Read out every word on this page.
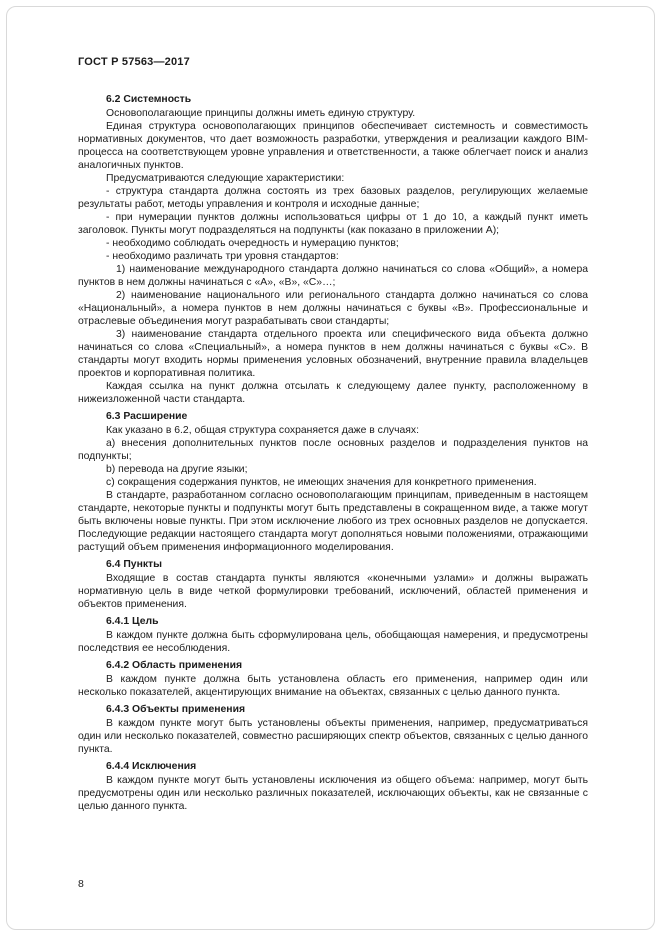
ГОСТ Р 57563—2017

6.2 Системность

Основополагающие принципы должны иметь единую структуру.

Единая структура основополагающих принципов обеспечивает системность и совместимость нормативных документов, что дает возможность разработки, утверждения и реализации каждого BIM-процесса на соответствующем уровне управления и ответственности, а также облегчает поиск и анализ аналогичных пунктов.

Предусматриваются следующие характеристики:

- структура стандарта должна состоять из трех базовых разделов, регулирующих желаемые результаты работ, методы управления и контроля и исходные данные;

- при нумерации пунктов должны использоваться цифры от 1 до 10, а каждый пункт иметь заголовок. Пункты могут подразделяться на подпункты (как показано в приложении А);

- необходимо соблюдать очередность и нумерацию пунктов;

- необходимо различать три уровня стандартов:

1) наименование международного стандарта должно начинаться со слова «Общий», а номера пунктов в нем должны начинаться с «А», «В», «С»…;

2) наименование национального или регионального стандарта должно начинаться со слова «Национальный», а номера пунктов в нем должны начинаться с буквы «В». Профессиональные и отраслевые объединения могут разрабатывать свои стандарты;

3) наименование стандарта отдельного проекта или специфического вида объекта должно начинаться со слова «Специальный», а номера пунктов в нем должны начинаться с буквы «С». В стандарты могут входить нормы применения условных обозначений, внутренние правила владельцев проектов и корпоративная политика.

Каждая ссылка на пункт должна отсылать к следующему далее пункту, расположенному в нижеизложенной части стандарта.

6.3 Расширение

Как указано в 6.2, общая структура сохраняется даже в случаях:

a) внесения дополнительных пунктов после основных разделов и подразделения пунктов на подпункты;

b) перевода на другие языки;

c) сокращения содержания пунктов, не имеющих значения для конкретного применения.

В стандарте, разработанном согласно основополагающим принципам, приведенным в настоящем стандарте, некоторые пункты и подпункты могут быть представлены в сокращенном виде, а также могут быть включены новые пункты. При этом исключение любого из трех основных разделов не допускается. Последующие редакции настоящего стандарта могут дополняться новыми положениями, отражающими растущий объем применения информационного моделирования.

6.4 Пункты

Входящие в состав стандарта пункты являются «конечными узлами» и должны выражать нормативную цель в виде четкой формулировки требований, исключений, областей применения и объектов применения.

6.4.1 Цель

В каждом пункте должна быть сформулирована цель, обобщающая намерения, и предусмотрены последствия ее несоблюдения.

6.4.2 Область применения

В каждом пункте должна быть установлена область его применения, например один или несколько показателей, акцентирующих внимание на объектах, связанных с целью данного пункта.

6.4.3 Объекты применения

В каждом пункте могут быть установлены объекты применения, например, предусматриваться один или несколько показателей, совместно расширяющих спектр объектов, связанных с целью данного пункта.

6.4.4 Исключения

В каждом пункте могут быть установлены исключения из общего объема: например, могут быть предусмотрены один или несколько различных показателей, исключающих объекты, как не связанные с целью данного пункта.

8
